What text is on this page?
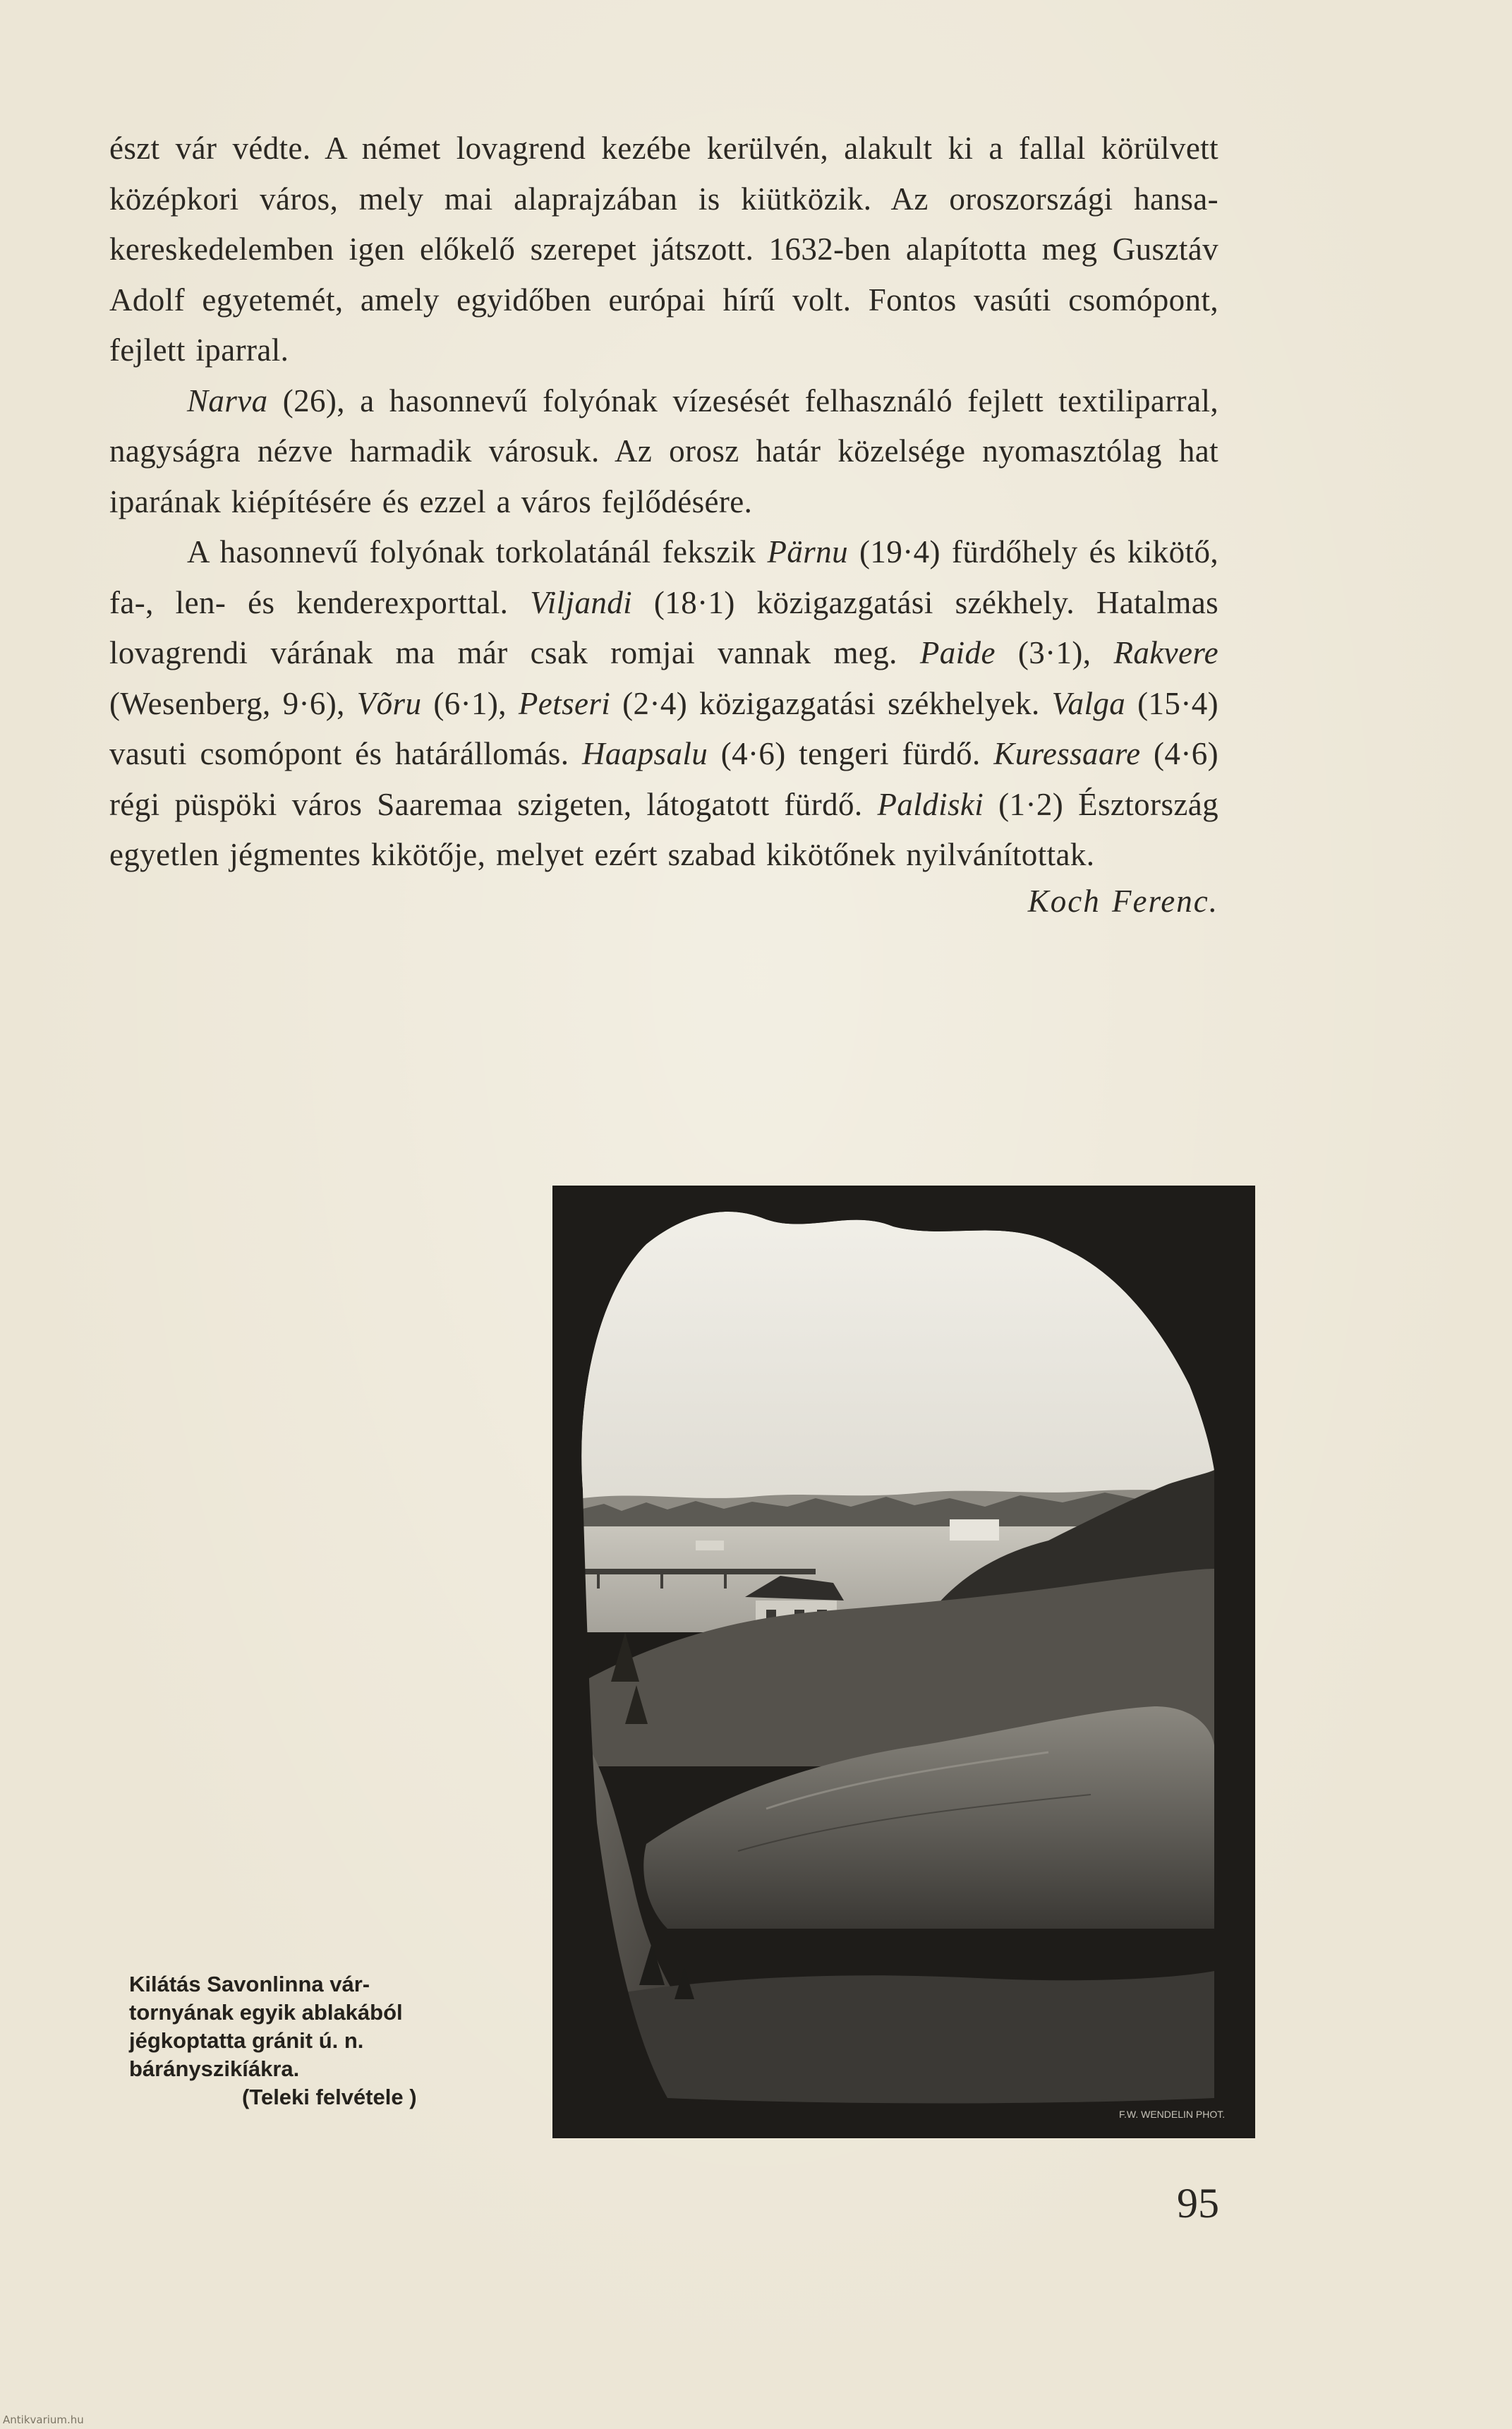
észt vár védte. A német lovagrend kezébe kerülvén, alakult ki a fallal körülvett középkori város, mely mai alaprajzában is kiütközik. Az oroszországi hansa-kereskedelemben igen előkelő szerepet játszott. 1632-ben alapította meg Gusztáv Adolf egyetemét, amely egyidőben európai hírű volt. Fontos vasúti csomópont, fejlett iparral.

Narva (26), a hasonnevű folyónak vízesését felhasználó fejlett textiliparral, nagyságra nézve harmadik városuk. Az orosz határ közelsége nyomasztólag hat iparának kiépítésére és ezzel a város fejlődésére.

A hasonnevű folyónak torkolatánál fekszik Pärnu (19·4) fürdőhely és kikötő, fa-, len- és kenderexporttal. Viljandi (18·1) közigazgatási székhely. Hatalmas lovagrendi várának ma már csak romjai vannak meg. Paide (3·1), Rakvere (Wesenberg, 9·6), Võru (6·1), Petseri (2·4) közigazgatási székhelyek. Valga (15·4) vasuti csomópont és határállomás. Haapsalu (4·6) tengeri fürdő. Kuressaare (4·6) régi püspöki város Saaremaa szigeten, látogatott fürdő. Paldiski (1·2) Észtország egyetlen jégmentes kikötője, melyet ezért szabad kikötőnek nyilvánítottak.

Koch Ferenc.
F.W. WENDELIN PHOT.
Kilátás Savonlinna vár-
tornyának egyik ablakából
jégkoptatta gránit ú. n.
bárányszikíákra.
(Teleki felvétele )
95
Antikvarium.hu
